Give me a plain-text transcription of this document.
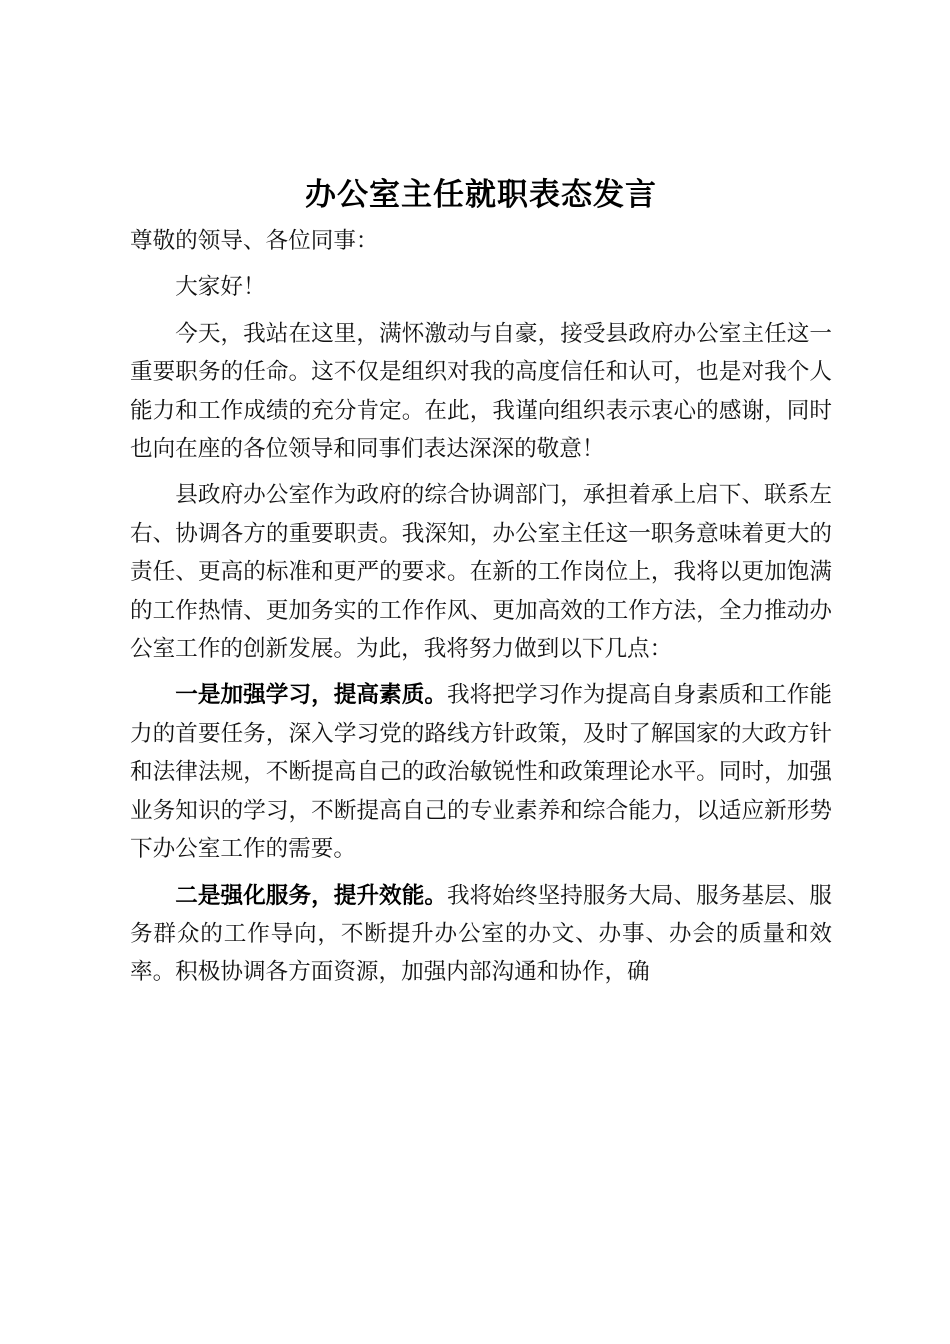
办公室主任就职表态发言

尊敬的领导、各位同事：

大家好！

今天，我站在这里，满怀激动与自豪，接受县政府办公室主任这一重要职务的任命。这不仅是组织对我的高度信任和认可，也是对我个人能力和工作成绩的充分肯定。在此，我谨向组织表示衷心的感谢，同时也向在座的各位领导和同事们表达深深的敬意！

县政府办公室作为政府的综合协调部门，承担着承上启下、联系左右、协调各方的重要职责。我深知，办公室主任这一职务意味着更大的责任、更高的标准和更严的要求。在新的工作岗位上，我将以更加饱满的工作热情、更加务实的工作作风、更加高效的工作方法，全力推动办公室工作的创新发展。为此，我将努力做到以下几点：

一是加强学习，提高素质。我将把学习作为提高自身素质和工作能力的首要任务，深入学习党的路线方针政策，及时了解国家的大政方针和法律法规，不断提高自己的政治敏锐性和政策理论水平。同时，加强业务知识的学习，不断提高自己的专业素养和综合能力，以适应新形势下办公室工作的需要。

二是强化服务，提升效能。我将始终坚持服务大局、服务基层、服务群众的工作导向，不断提升办公室的办文、办事、办会的质量和效率。积极协调各方面资源，加强内部沟通和协作，确
